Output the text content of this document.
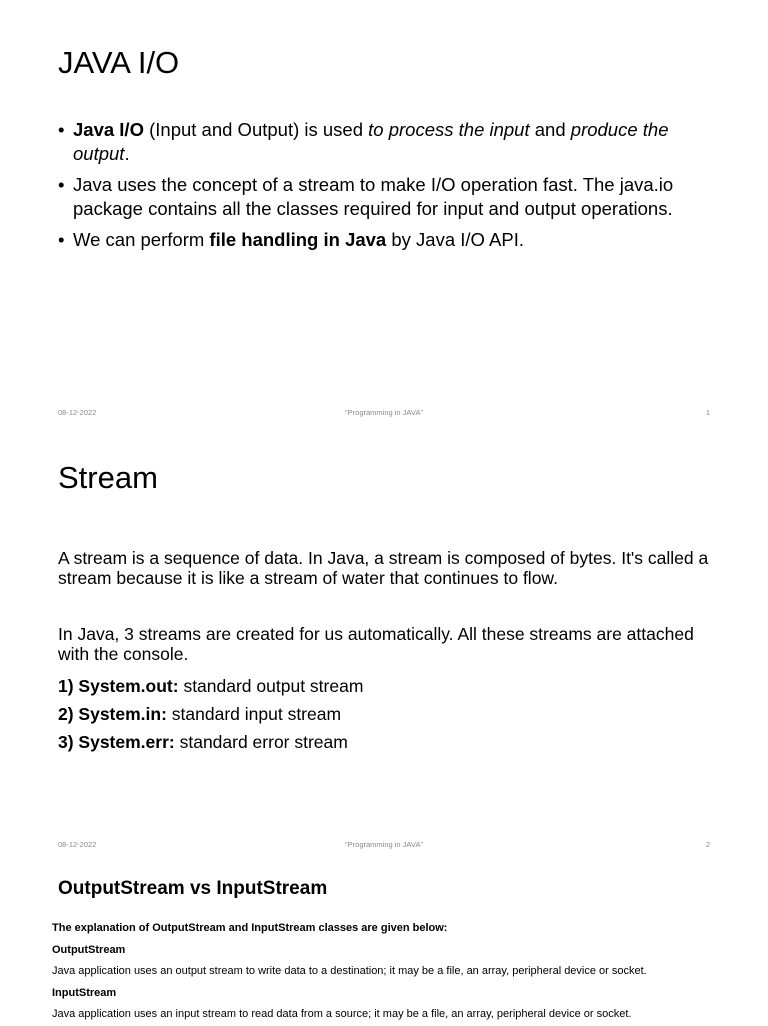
JAVA I/O
• Java I/O (Input and Output) is used to process the input and produce the output.
• Java uses the concept of a stream to make I/O operation fast. The java.io package contains all the classes required for input and output operations.
• We can perform file handling in Java by Java I/O API.
08-12-2022	"Programming in JAVA"	1
Stream

A stream is a sequence of data. In Java, a stream is composed of bytes. It's called a stream because it is like a stream of water that continues to flow.

In Java, 3 streams are created for us automatically. All these streams are attached with the console.

1) System.out: standard output stream
2) System.in: standard input stream
3) System.err: standard error stream
08-12-2022	"Programming in JAVA"	2
OutputStream vs InputStream
The explanation of OutputStream and InputStream classes are given below:
OutputStream
Java application uses an output stream to write data to a destination; it may be a file, an array, peripheral device or socket.
InputStream
Java application uses an input stream to read data from a source; it may be a file, an array, peripheral device or socket.
